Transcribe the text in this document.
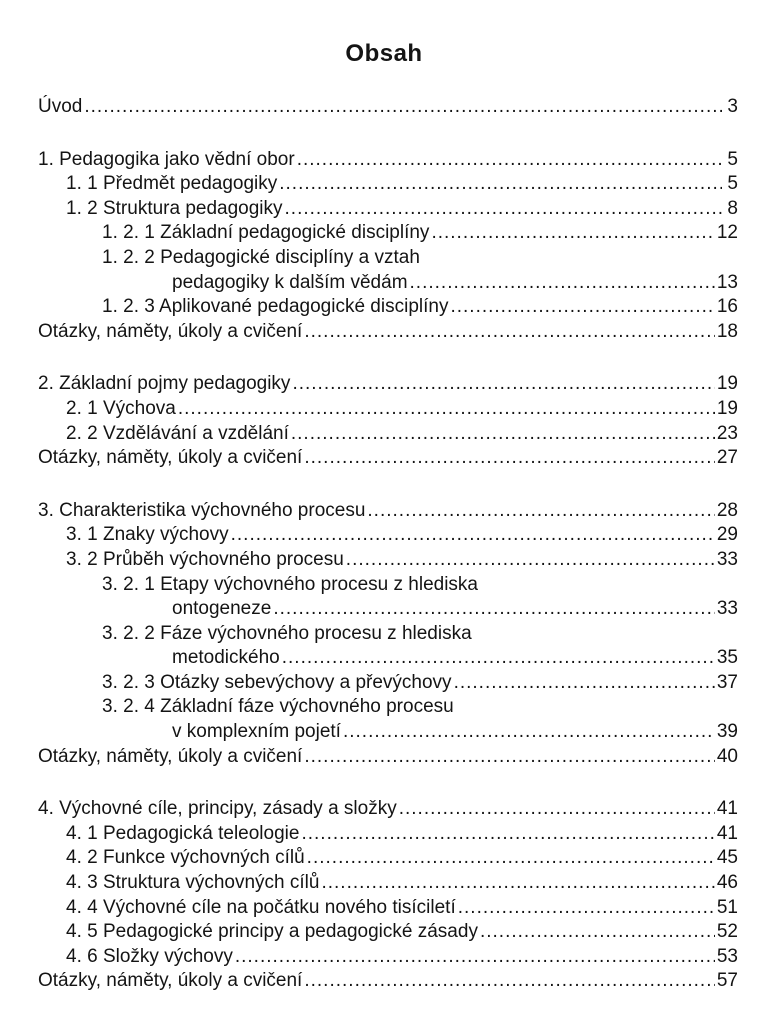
Obsah
Úvod .....	3
1. Pedagogika jako vědní obor .....	5
1. 1 Předmět pedagogiky .....	5
1. 2 Struktura pedagogiky .....	8
1. 2. 1 Základní pedagogické disciplíny .....	12
1. 2. 2 Pedagogické disciplíny a vztah
pedagogiky k dalším vědám .....	13
1. 2. 3 Aplikované pedagogické disciplíny .....	16
Otázky, náměty, úkoly a cvičení .....	18
2. Základní pojmy pedagogiky .....	19
2. 1 Výchova .....	19
2. 2 Vzdělávání a vzdělání .....	23
Otázky, náměty, úkoly a cvičení .....	27
3. Charakteristika výchovného procesu .....	28
3. 1 Znaky výchovy .....	29
3. 2 Průběh výchovného procesu .....	33
3. 2. 1 Etapy výchovného procesu z hlediska
ontogeneze .....	33
3. 2. 2 Fáze výchovného procesu z hlediska
metodického .....	35
3. 2. 3 Otázky sebevýchovy a převýchovy .....	37
3. 2. 4 Základní fáze výchovného procesu
v komplexním pojetí .....	39
Otázky, náměty, úkoly a cvičení .....	40
4. Výchovné cíle, principy, zásady a složky .....	41
4. 1 Pedagogická teleologie .....	41
4. 2 Funkce výchovných cílů .....	45
4. 3 Struktura výchovných cílů .....	46
4. 4 Výchovné cíle na počátku nového tisíciletí .....	51
4. 5 Pedagogické principy a pedagogické zásady .....	52
4. 6 Složky výchovy .....	53
Otázky, náměty, úkoly a cvičení .....	57
